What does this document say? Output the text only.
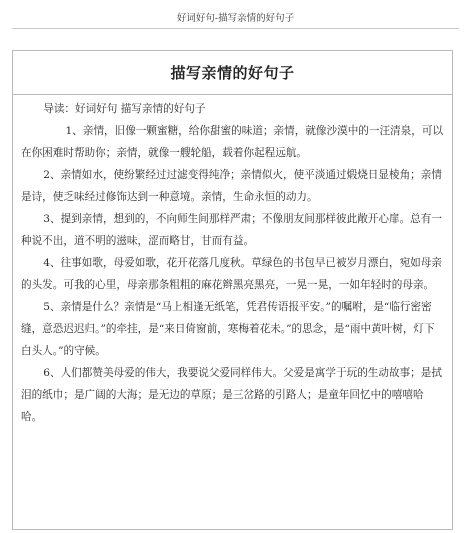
好词好句-描写亲情的好句子
描写亲情的好句子

导读：好词好句 描写亲情的好句子

1、亲情，旧像一颗蜜糖，给你甜蜜的味道；亲情，就像沙漠中的一汪清泉，可以在你困难时帮助你；亲情，就像一艘轮船，载着你起程远航。

2、亲情如水，使纷繁经过过滤变得纯净；亲情似火，使平淡通过煅烧日显棱角；亲情是诗，使乏味经过修饰达到一种意境。亲情，生命永恒的动力。

3、提到亲情，想到的，不向师生间那样严肃；不像朋友间那样彼此敞开心扉。总有一种说不出，道不明的滋味，涩而略甘，甘而有益。

4、往事如歌，母爱如歌，花开花落几度秋。草绿色的书包早已被岁月漂白，宛如母亲的头发。可我的心里，母亲那条粗粗的麻花辫黑亮黑亮，一晃一晃，一如年轻时的母亲。

5、亲情是什么？亲情是“马上相逢无纸笔，凭君传语报平安。”的嘱咐，是“临行密密缝，意恐迟迟归。”的牵挂，是“来日倚窗前，寒梅着花未。”的思念，是“雨中黄叶树，灯下白头人。”的守候。

6、人们都赞美母爱的伟大，我要说父爱同样伟大。父爱是寓学于玩的生动故事；是拭泪的纸巾；是广阔的大海；是无边的草原；是三岔路的引路人；是童年回忆中的嘻嘻哈哈。
